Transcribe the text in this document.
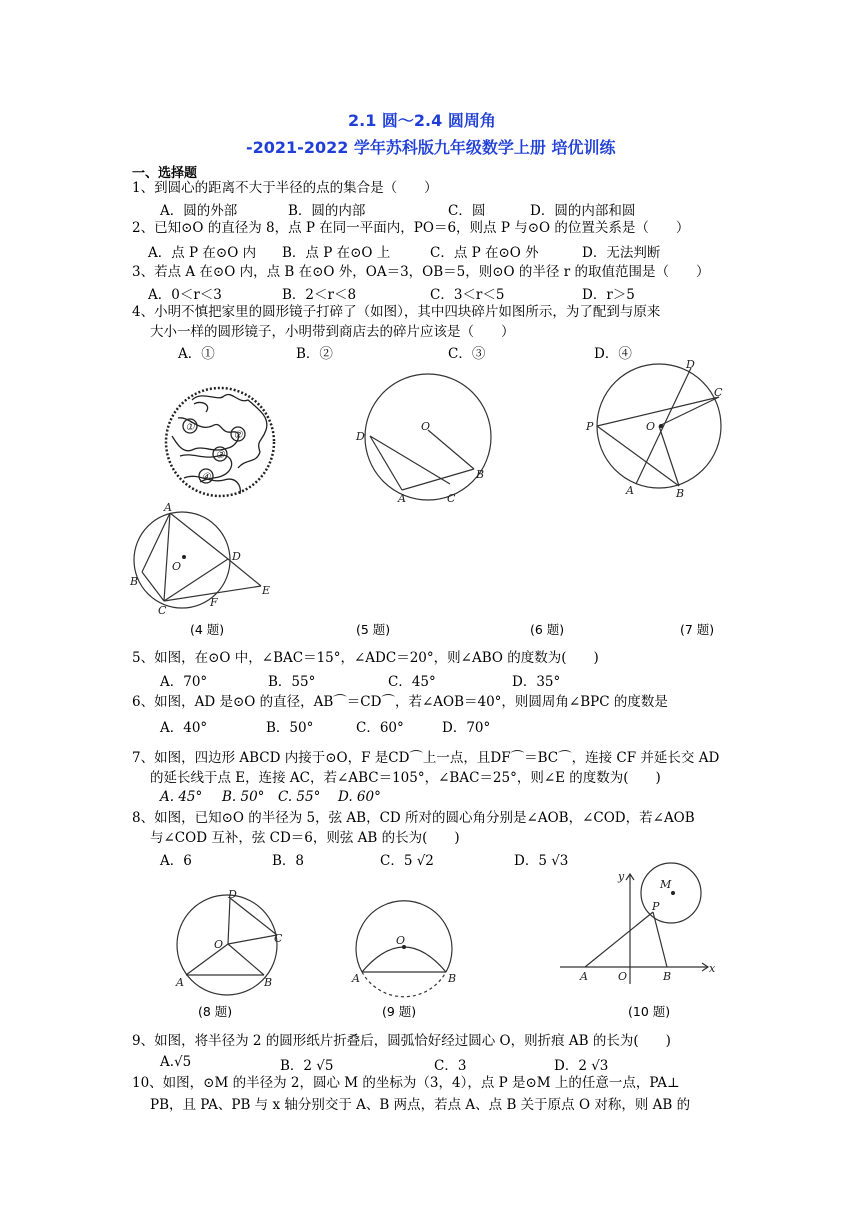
2.1 圆～2.4 圆周角
-2021-2022 学年苏科版九年级数学上册 培优训练
一、选择题
1、到圆心的距离不大于半径的点的集合是（　　）
A．圆的外部	B．圆的内部	C．圆	D．圆的内部和圆
2、已知⊙O 的直径为 8，点 P 在同一平面内，PO＝6，则点 P 与⊙O 的位置关系是（　　）
A．点 P 在⊙O 内 B．点 P 在⊙O 上	C．点 P 在⊙O 外	D．无法判断
3、若点 A 在⊙O 内，点 B 在⊙O 外，OA＝3，OB＝5，则⊙O 的半径 r 的取值范围是（　　）
A．0＜r＜3	B．2＜r＜8	C．3＜r＜5	D．r＞5
4、小明不慎把家里的圆形镜子打碎了（如图），其中四块碎片如图所示，为了配到与原来
大小一样的圆形镜子，小明带到商店去的碎片应该是（　　）
A．①	B．②	C．③	D．④
①
②
③
④
O
D
A	C
B
D
C
P	O
A	B
A
O
D
B
C
F
E
(4 题)	(5 题)	(6 题)	(7 题)
5、如图，在⊙O 中，∠BAC＝15°，∠ADC＝20°，则∠ABO 的度数为(　　)
A．70°	B．55°	C．45°	D．35°
6、如图，AD 是⊙O 的直径，AB⌒＝CD⌒，若∠AOB＝40°，则圆周角∠BPC 的度数是
A．40°	B．50°	C．60°	D．70°
7、如图，四边形 ABCD 内接于⊙O，F 是CD⌒上一点，且DF⌒＝BC⌒，连接 CF 并延长交 AD
的延长线于点 E，连接 AC，若∠ABC＝105°，∠BAC＝25°，则∠E 的度数为(　　)
A. 45° B. 50° C. 55° D. 60°
8、如图，已知⊙O 的半径为 5，弦 AB，CD 所对的圆心角分别是∠AOB，∠COD，若∠AOB
与∠COD 互补，弦 CD＝6，则弦 AB 的长为(　　)
A．6	B．8	C．5 √2	D．5 √3
D
O	C
A	B
O
A	B
y
M
P
A	O	B
x
(8 题)	(9 题)	(10 题)
9、如图，将半径为 2 的圆形纸片折叠后，圆弧恰好经过圆心 O，则折痕 AB 的长为(　　)
A.√5	B．2 √5	C．3	D．2 √3
10、如图，⊙M 的半径为 2，圆心 M 的坐标为（3，4），点 P 是⊙M 上的任意一点，PA⊥
PB，且 PA、PB 与 x 轴分别交于 A、B 两点，若点 A、点 B 关于原点 O 对称，则 AB 的
